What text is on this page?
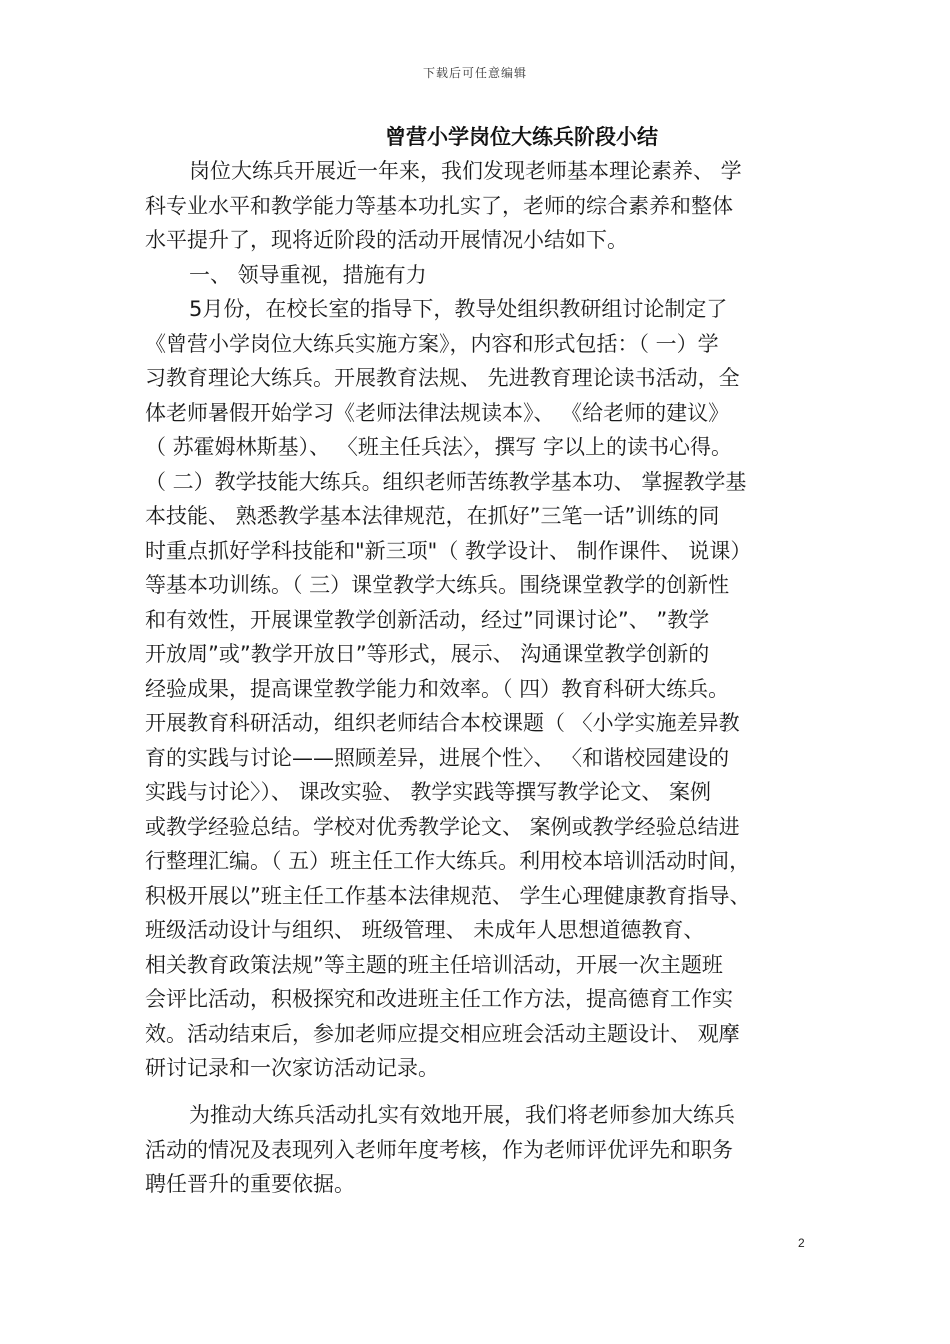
下载后可任意编辑
曾营小学岗位大练兵阶段小结
岗位大练兵开展近一年来，我们发现老师基本理论素养、 学
科专业水平和教学能力等基本功扎实了，老师的综合素养和整体
水平提升了，现将近阶段的活动开展情况小结如下。
一、 领导重视，措施有力
5月份，在校长室的指导下，教导处组织教研组讨论制定了
《曾营小学岗位大练兵实施方案》，内容和形式包括：（ 一）学
习教育理论大练兵。开展教育法规、 先进教育理论读书活动，全
体老师暑假开始学习《老师法律法规读本》、 《给老师的建议》
（ 苏霍姆林斯基）、 〈班主任兵法〉，撰写 字以上的读书心得。
（ 二）教学技能大练兵。组织老师苦练教学基本功、 掌握教学基
本技能、 熟悉教学基本法律规范，在抓好”三笔一话”训练的同
时重点抓好学科技能和"新三项"（ 教学设计、 制作课件、 说课）
等基本功训练。（ 三）课堂教学大练兵。围绕课堂教学的创新性
和有效性，开展课堂教学创新活动，经过”同课讨论”、 ”教学
开放周”或”教学开放日”等形式，展示、 沟通课堂教学创新的
经验成果，提高课堂教学能力和效率。（ 四）教育科研大练兵。
开展教育科研活动，组织老师结合本校课题（ 〈小学实施差异教
育的实践与讨论——照顾差异，进展个性〉、 〈和谐校园建设的
实践与讨论〉）、 课改实验、 教学实践等撰写教学论文、 案例
或教学经验总结。学校对优秀教学论文、 案例或教学经验总结进
行整理汇编。（ 五）班主任工作大练兵。利用校本培训活动时间，
积极开展以”班主任工作基本法律规范、 学生心理健康教育指导、
班级活动设计与组织、 班级管理、 未成年人思想道德教育、
相关教育政策法规”等主题的班主任培训活动，开展一次主题班
会评比活动，积极探究和改进班主任工作方法，提高德育工作实
效。活动结束后，参加老师应提交相应班会活动主题设计、 观摩
研讨记录和一次家访活动记录。
为推动大练兵活动扎实有效地开展，我们将老师参加大练兵
活动的情况及表现列入老师年度考核，作为老师评优评先和职务
聘任晋升的重要依据。
2
